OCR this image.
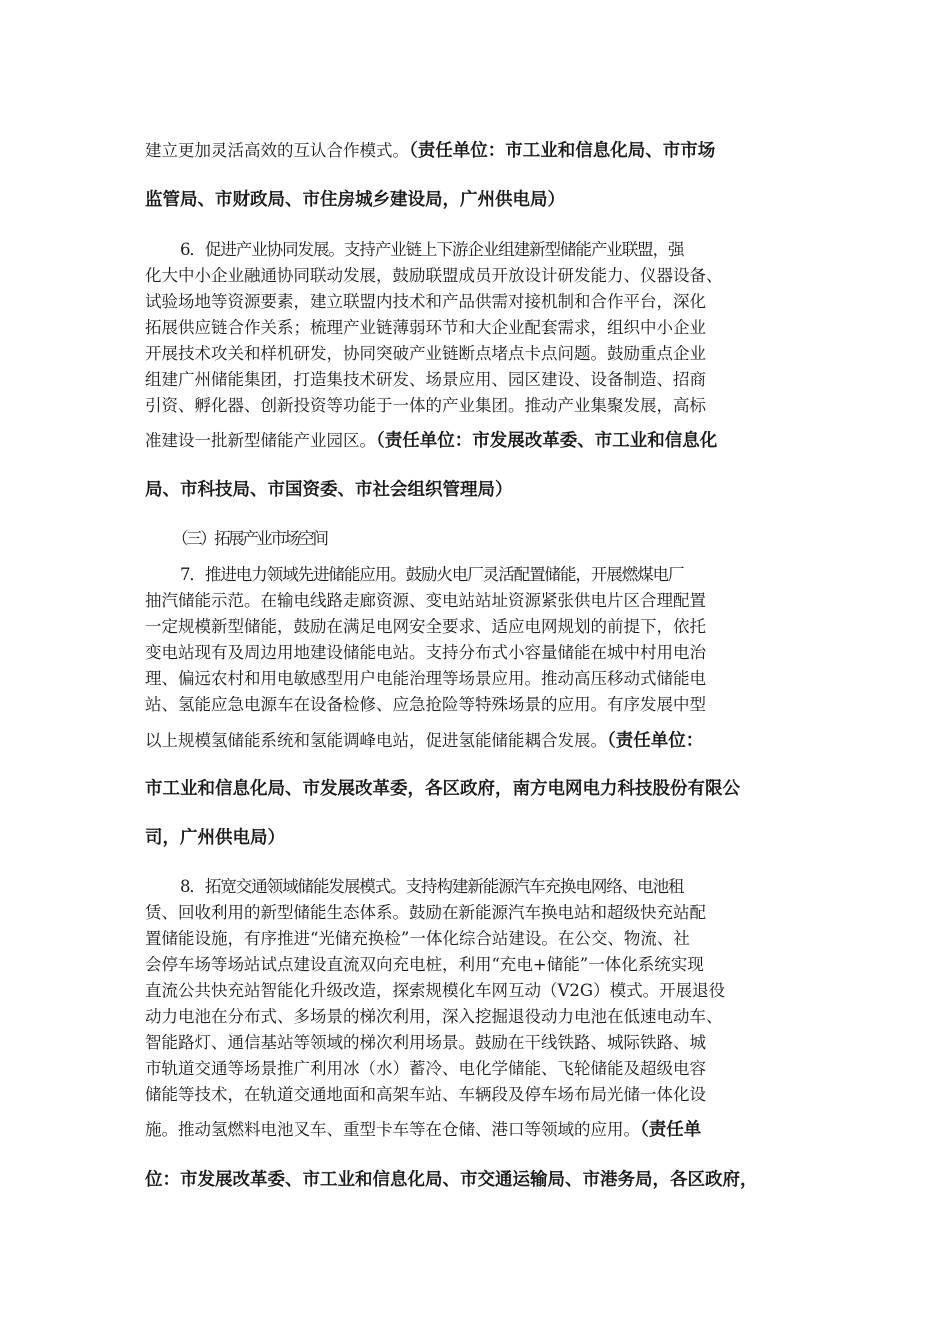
建立更加灵活高效的互认合作模式。（责任单位：市工业和信息化局、市市场
监管局、市财政局、市住房城乡建设局，广州供电局）
6．促进产业协同发展。支持产业链上下游企业组建新型储能产业联盟，强
化大中小企业融通协同联动发展，鼓励联盟成员开放设计研发能力、仪器设备、
试验场地等资源要素，建立联盟内技术和产品供需对接机制和合作平台，深化
拓展供应链合作关系；梳理产业链薄弱环节和大企业配套需求，组织中小企业
开展技术攻关和样机研发，协同突破产业链断点堵点卡点问题。鼓励重点企业
组建广州储能集团，打造集技术研发、场景应用、园区建设、设备制造、招商
引资、孵化器、创新投资等功能于一体的产业集团。推动产业集聚发展，高标
准建设一批新型储能产业园区。（责任单位：市发展改革委、市工业和信息化
局、市科技局、市国资委、市社会组织管理局）
（三）拓展产业市场空间
7．推进电力领域先进储能应用。鼓励火电厂灵活配置储能，开展燃煤电厂
抽汽储能示范。在输电线路走廊资源、变电站站址资源紧张供电片区合理配置
一定规模新型储能，鼓励在满足电网安全要求、适应电网规划的前提下，依托
变电站现有及周边用地建设储能电站。支持分布式小容量储能在城中村用电治
理、偏远农村和用电敏感型用户电能治理等场景应用。推动高压移动式储能电
站、氢能应急电源车在设备检修、应急抢险等特殊场景的应用。有序发展中型
以上规模氢储能系统和氢能调峰电站，促进氢能储能耦合发展。（责任单位：
市工业和信息化局、市发展改革委，各区政府，南方电网电力科技股份有限公
司，广州供电局）
8．拓宽交通领域储能发展模式。支持构建新能源汽车充换电网络、电池租
赁、回收利用的新型储能生态体系。鼓励在新能源汽车换电站和超级快充站配
置储能设施，有序推进“光储充换检”一体化综合站建设。在公交、物流、社
会停车场等场站试点建设直流双向充电桩，利用“充电+储能”一体化系统实现
直流公共快充站智能化升级改造，探索规模化车网互动（V2G）模式。开展退役
动力电池在分布式、多场景的梯次利用，深入挖掘退役动力电池在低速电动车、
智能路灯、通信基站等领域的梯次利用场景。鼓励在干线铁路、城际铁路、城
市轨道交通等场景推广利用冰（水）蓄冷、电化学储能、飞轮储能及超级电容
储能等技术，在轨道交通地面和高架车站、车辆段及停车场布局光储一体化设
施。推动氢燃料电池叉车、重型卡车等在仓储、港口等领域的应用。（责任单
位：市发展改革委、市工业和信息化局、市交通运输局、市港务局，各区政府，
